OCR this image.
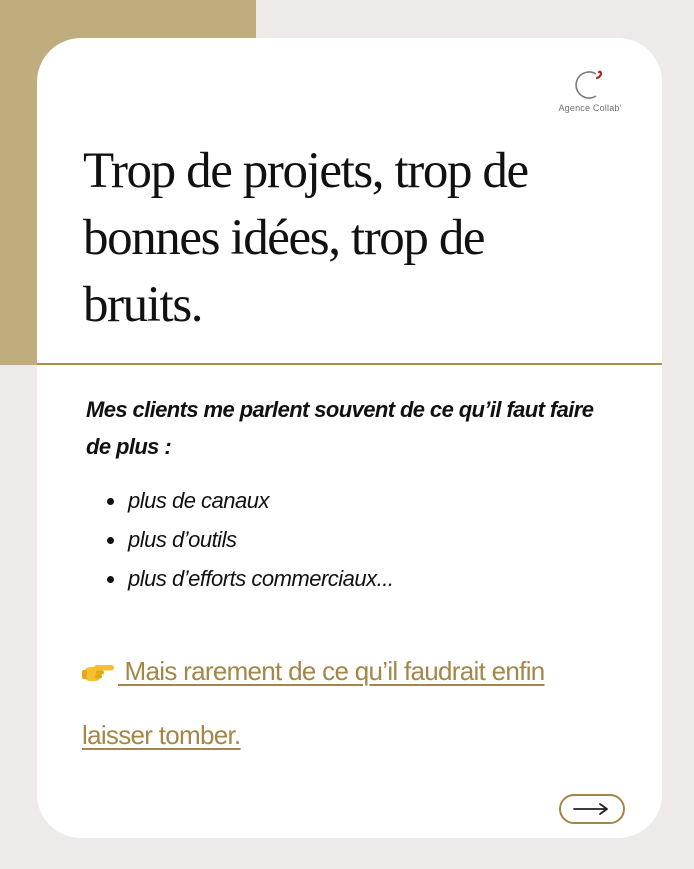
Agence Collab'
Trop de projets, trop de bonnes idées, trop de bruits.

Mes clients me parlent souvent de ce qu’il faut faire de plus :

plus de canaux
plus d’outils
plus d’efforts commerciaux...

Mais rarement de ce qu’il faudrait enfin laisser tomber.
